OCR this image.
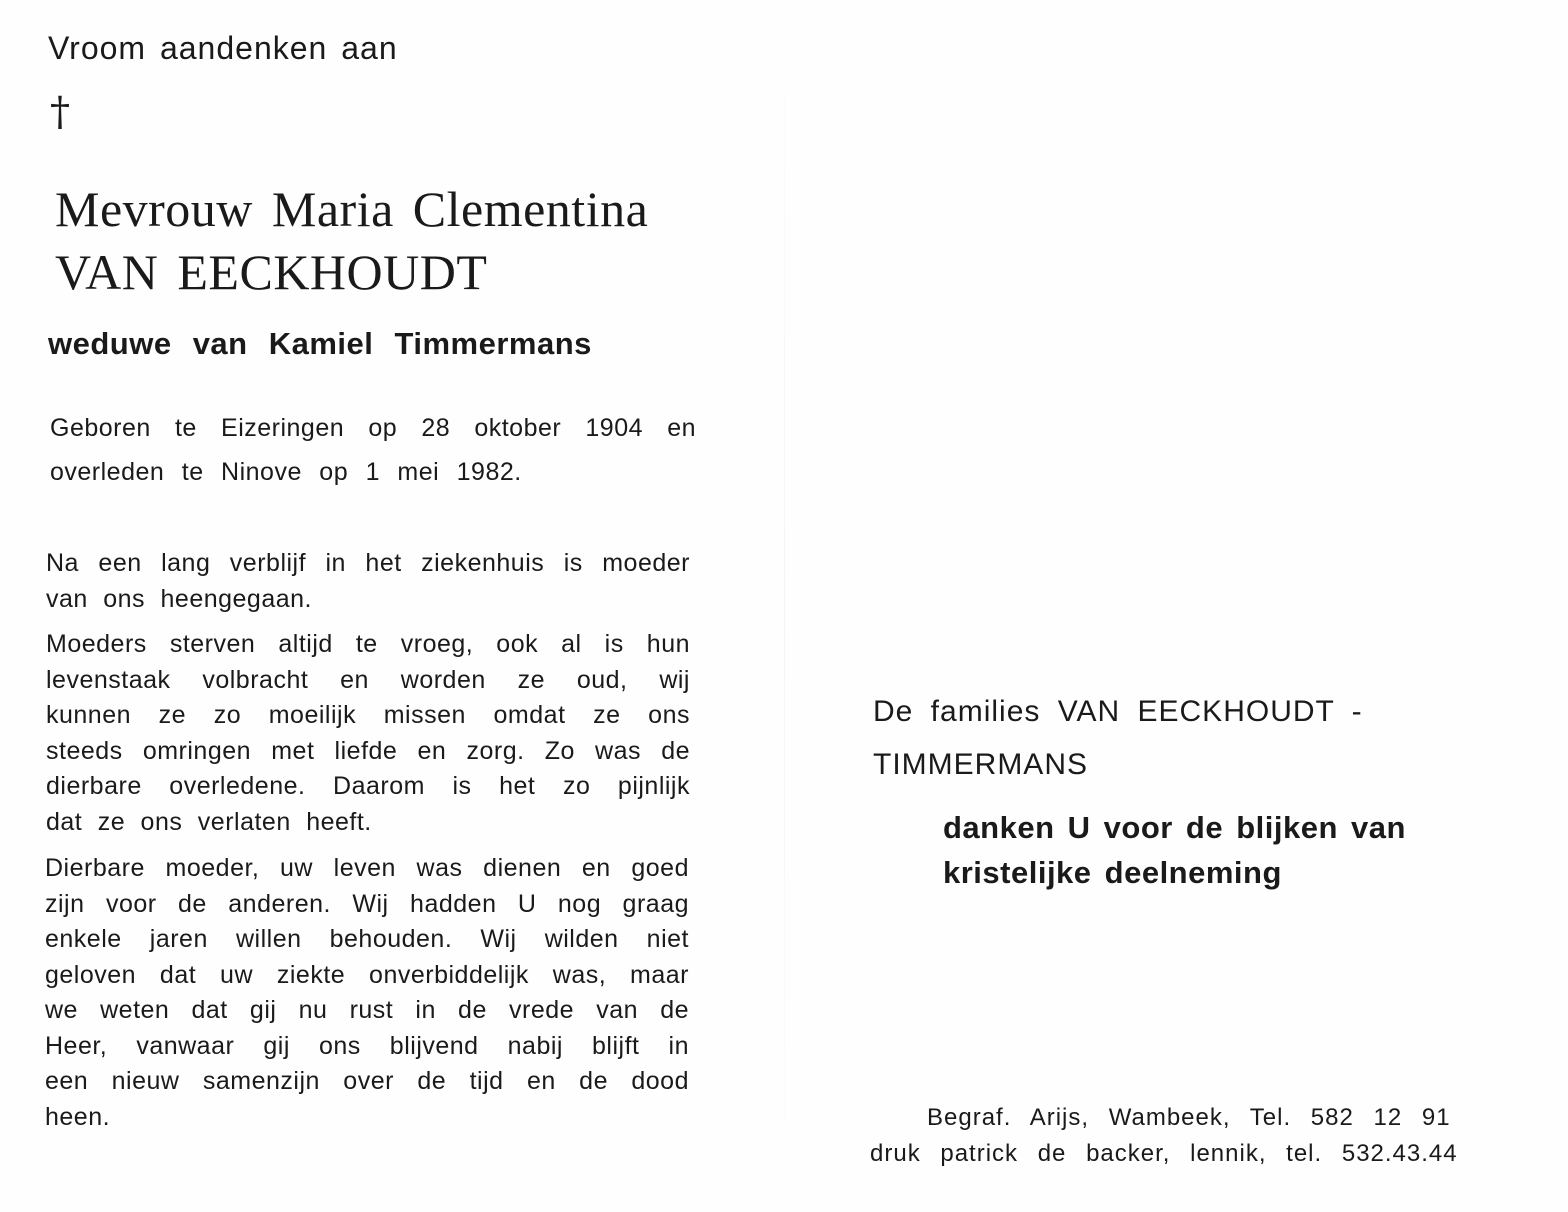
Vroom aandenken aan
†
Mevrouw Maria Clementina
VAN EECKHOUDT
weduwe van Kamiel Timmermans
Geboren te Eizeringen op 28 oktober 1904 en
overleden te Ninove op 1 mei 1982.
Na een lang verblijf in het ziekenhuis is moeder
van ons heengegaan.
Moeders sterven altijd te vroeg, ook al is hun
levenstaak volbracht en worden ze oud, wij
kunnen ze zo moeilijk missen omdat ze ons
steeds omringen met liefde en zorg. Zo was de
dierbare overledene. Daarom is het zo pijnlijk
dat ze ons verlaten heeft.
Dierbare moeder, uw leven was dienen en goed
zijn voor de anderen. Wij hadden U nog graag
enkele jaren willen behouden. Wij wilden niet
geloven dat uw ziekte onverbiddelijk was, maar
we weten dat gij nu rust in de vrede van de
Heer, vanwaar gij ons blijvend nabij blijft in
een nieuw samenzijn over de tijd en de dood
heen.
De families VAN EECKHOUDT -
TIMMERMANS
danken U voor de blijken van
kristelijke deelneming
Begraf. Arijs, Wambeek, Tel. 582 12 91
druk patrick de backer, lennik, tel. 532.43.44
